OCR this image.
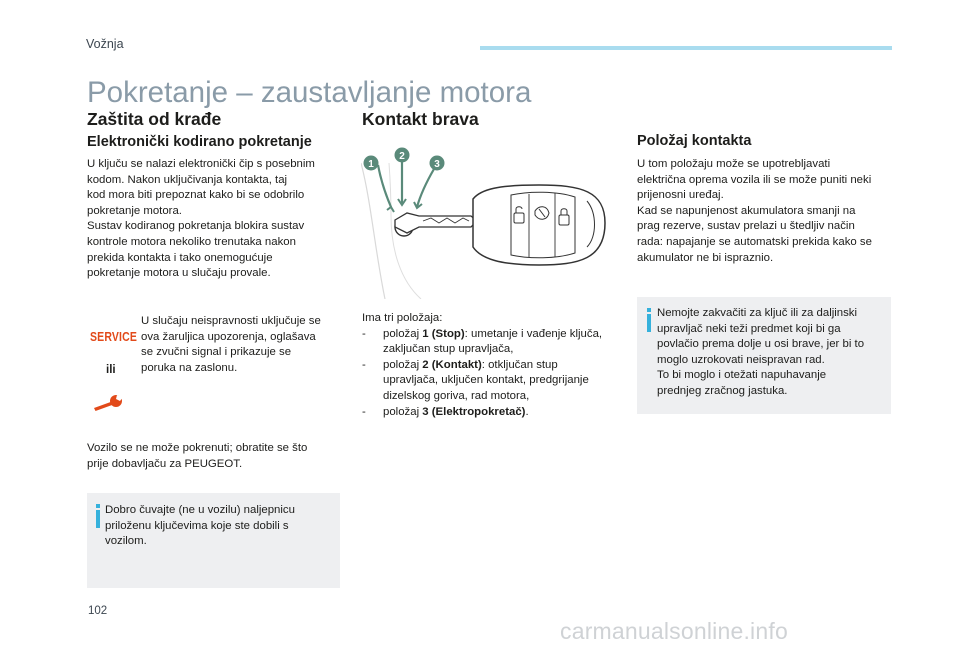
Vožnja
Pokretanje – zaustavljanje motora
Zaštita od krađe
Elektronički kodirano pokretanje

U ključu se nalazi elektronički čip s posebnim

kodom. Nakon uključivanja kontakta, taj

kod mora biti prepoznat kako bi se odobrilo

pokretanje motora.

Sustav kodiranog pokretanja blokira sustav

kontrole motora nekoliko trenutaka nakon

prekida kontakta i tako onemogućuje

pokretanje motora u slučaju provale.

SERVICE
ili

U slučaju neispravnosti uključuje se

ova žaruljica upozorenja, oglašava

se zvučni signal i prikazuje se

poruka na zaslonu.

Vozilo se ne može pokrenuti; obratite se što

prije dobavljaču za PEUGEOT.

Dobro čuvajte (ne u vozilu) naljepnicu

priloženu ključevima koje ste dobili s

vozilom.

Kontakt brava
1
2
3

Ima tri položaja:

- položaj 1 (Stop): umetanje i vađenje ključa,
zaključan stup upravljača,
- položaj 2 (Kontakt): otključan stup
upravljača, uključen kontakt, predgrijanje
dizelskog goriva, rad motora,
- položaj 3 (Elektropokretač).
Položaj kontakta

U tom položaju može se upotrebljavati

električna oprema vozila ili se može puniti neki

prijenosni uređaj.

Kad se napunjenost akumulatora smanji na

prag rezerve, sustav prelazi u štedljiv način

rada: napajanje se automatski prekida kako se

akumulator ne bi ispraznio.

Nemojte zakvačiti za ključ ili za daljinski

upravljač neki teži predmet koji bi ga

povlačio prema dolje u osi brave, jer bi to

moglo uzrokovati neispravan rad.

To bi moglo i otežati napuhavanje

prednjeg zračnog jastuka.

102
carmanualsonline.info
